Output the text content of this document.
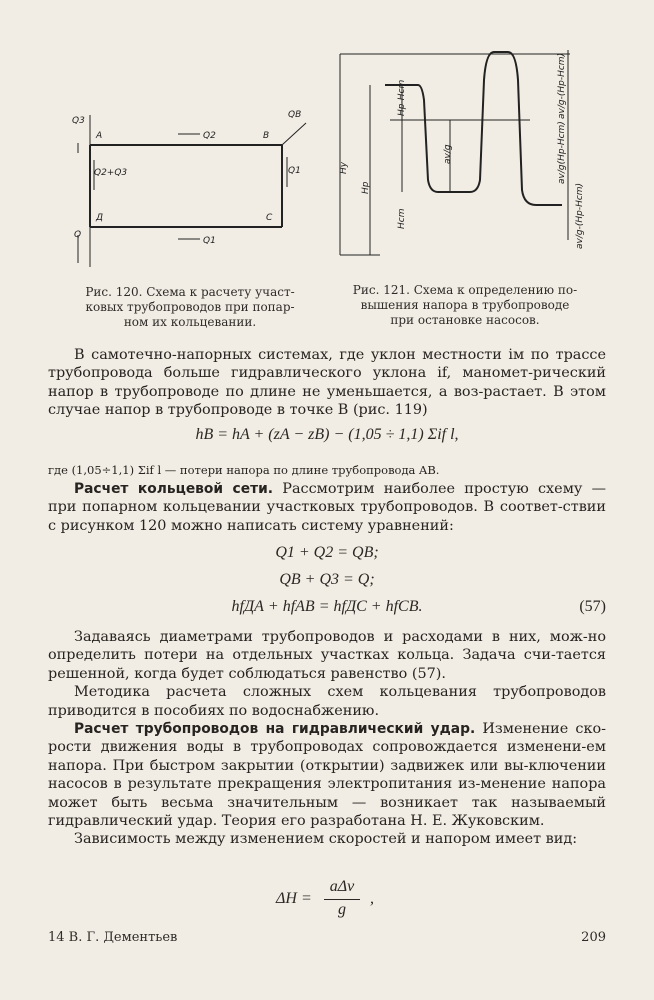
Q3
A	Q2	B
QB
Q2+Q3	Q1
Д	C
Q
Q1
Рис. 120. Схема к расчету участ-
ковых трубопроводов при попар-
ном их кольцевании.
Hy
Hp
Hp-Hcm
Hcm
av/g
av/g-(Hp-Hcm)
av/g(Hp-Hcm)
av/g-(Hp-Hcm)
Рис. 121. Схема к определению по-
вышения напора в трубопроводе
при остановке насосов.

В самотечно-напорных системах, где уклон местности iм по трассе трубопровода больше гидравлического уклона if, маномет-рический напор в трубопроводе по длине не уменьшается, а воз-растает. В этом случае напор в трубопроводе в точке B (рис. 119)

hB = hA + (zA − zB) − (1,05 ÷ 1,1) Σif l,
где (1,05÷1,1) Σif l — потери напора по длине трубопровода AB.

Расчет кольцевой сети. Рассмотрим наиболее простую схему — при попарном кольцевании участковых трубопроводов. В соответ-ствии с рисунком 120 можно написать систему уравнений:

Q1 + Q2 = QB;
QB + Q3 = Q;
hfДА + hfАВ = hfДС + hfСВ.	(57)

Задаваясь диаметрами трубопроводов и расходами в них, мож-но определить потери на отдельных участках кольца. Задача счи-тается решенной, когда будет соблюдаться равенство (57).

Методика расчета сложных схем кольцевания трубопроводов приводится в пособиях по водоснабжению.

Расчет трубопроводов на гидравлический удар. Изменение ско-рости движения воды в трубопроводах сопровождается изменени-ем напора. При быстром закрытии (открытии) задвижек или вы-ключении насосов в результате прекращения электропитания из-менение напора может быть весьма значительным — возникает так называемый гидравлический удар. Теория его разработана Н. Е. Жуковским.

Зависимость между изменением скоростей и напором имеет вид:

ΔH =
aΔv
g
,
14 В. Г. Дементьев	209
